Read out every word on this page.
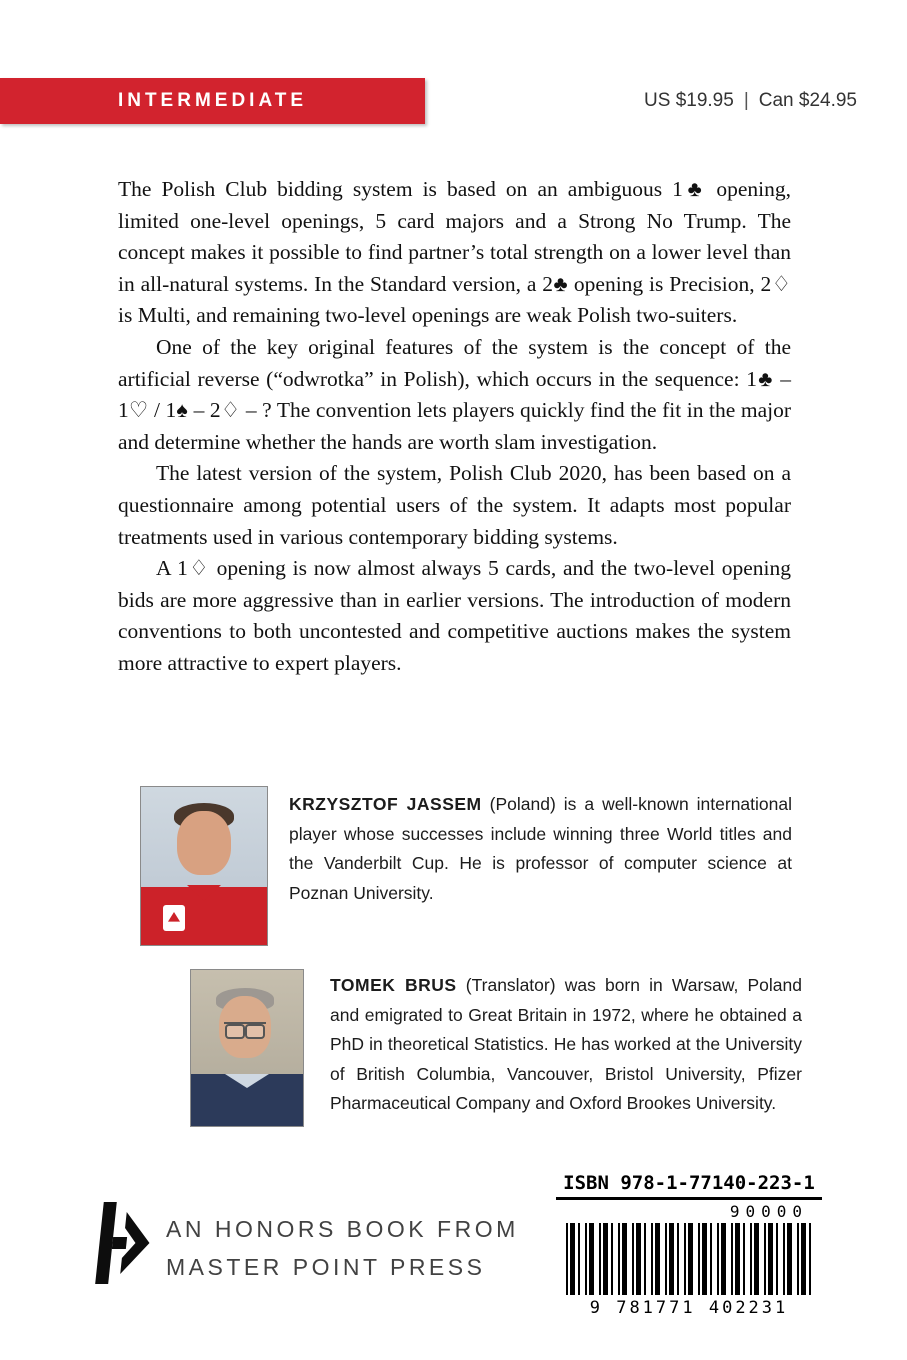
INTERMEDIATE	US $19.95 | Can $24.95

The Polish Club bidding system is based on an ambiguous 1♣ opening, limited one-level openings, 5 card majors and a Strong No Trump. The concept makes it possible to find partner’s total strength on a lower level than in all-natural systems. In the Standard version, a 2♣ opening is Precision, 2♢ is Multi, and remaining two-level openings are weak Polish two-suiters.

One of the key original features of the system is the concept of the artificial reverse (“odwrotka” in Polish), which occurs in the sequence: 1♣ – 1♡ / 1♠ – 2♢ – ? The convention lets players quickly find the fit in the major and determine whether the hands are worth slam investigation.

The latest version of the system, Polish Club 2020, has been based on a questionnaire among potential users of the system. It adapts most popular treatments used in various contemporary bidding systems.

A 1♢ opening is now almost always 5 cards, and the two-level opening bids are more aggressive than in earlier versions. The introduction of modern conventions to both uncontested and competitive auctions makes the system more attractive to expert players.

KRZYSZTOF JASSEM (Poland) is a well-known international player whose successes include winning three World titles and the Vanderbilt Cup. He is professor of computer science at Poznan University.

TOMEK BRUS (Translator) was born in Warsaw, Poland and emigrated to Great Britain in 1972, where he obtained a PhD in theoretical Statistics. He has worked at the University of British Columbia, Vancouver, Bristol University, Pfizer Pharmaceutical Company and Oxford Brookes University.

AN HONORS BOOK FROM
MASTER POINT PRESS
ISBN 978-1-77140-223-1
90000
9 781771 402231
